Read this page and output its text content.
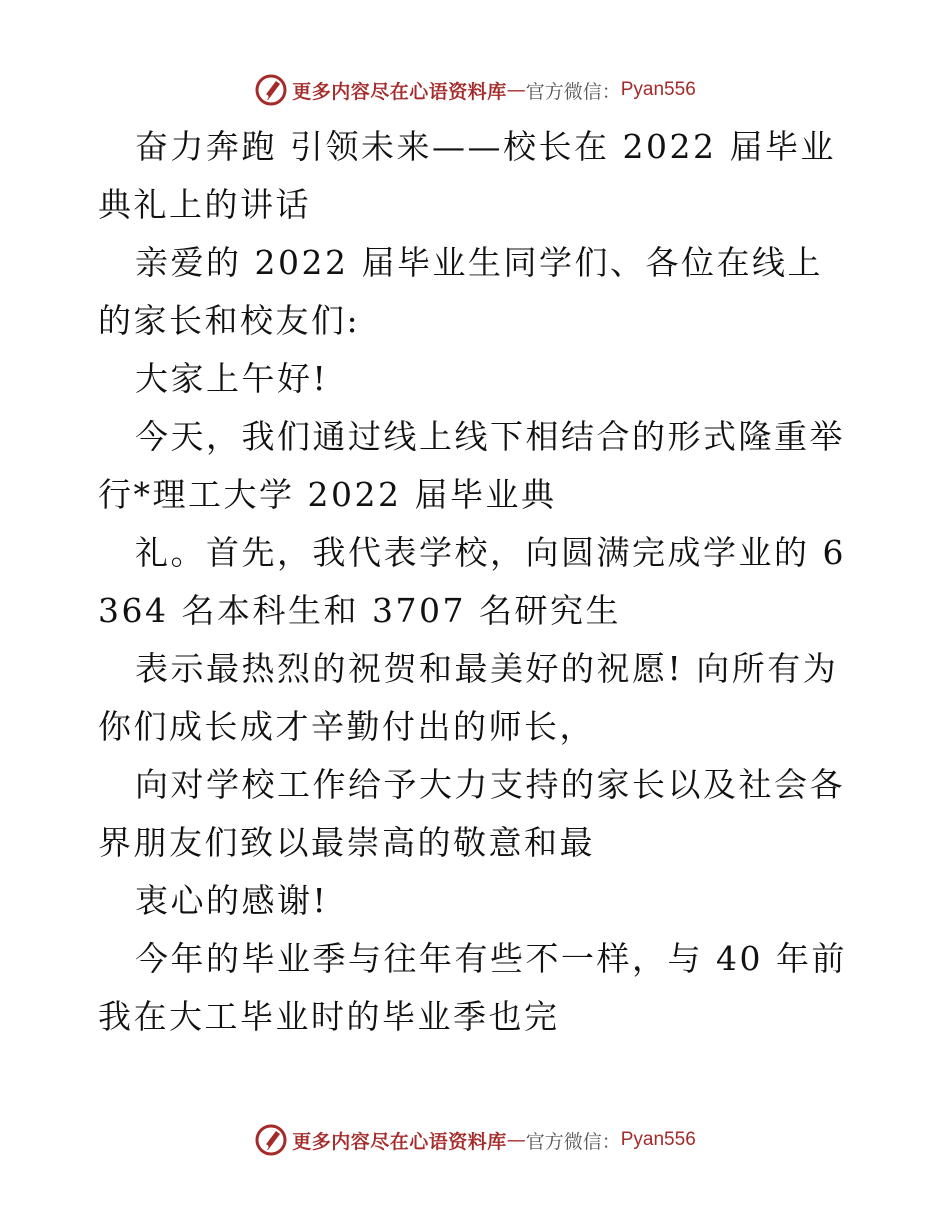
更多内容尽在心语资料库 — 官方微信： Pyan556

奋力奔跑 引领未来——校长在 2022 届毕业典礼上的讲话

亲爱的 2022 届毕业生同学们、各位在线上的家长和校友们:

大家上午好!

今天，我们通过线上线下相结合的形式隆重举行*理工大学 2022 届毕业典

礼。首先，我代表学校，向圆满完成学业的 6364 名本科生和 3707 名研究生

表示最热烈的祝贺和最美好的祝愿! 向所有为你们成长成才辛勤付出的师长，

向对学校工作给予大力支持的家长以及社会各界朋友们致以最崇高的敬意和最

衷心的感谢!

今年的毕业季与往年有些不一样，与 40 年前我在大工毕业时的毕业季也完

更多内容尽在心语资料库 — 官方微信： Pyan556
